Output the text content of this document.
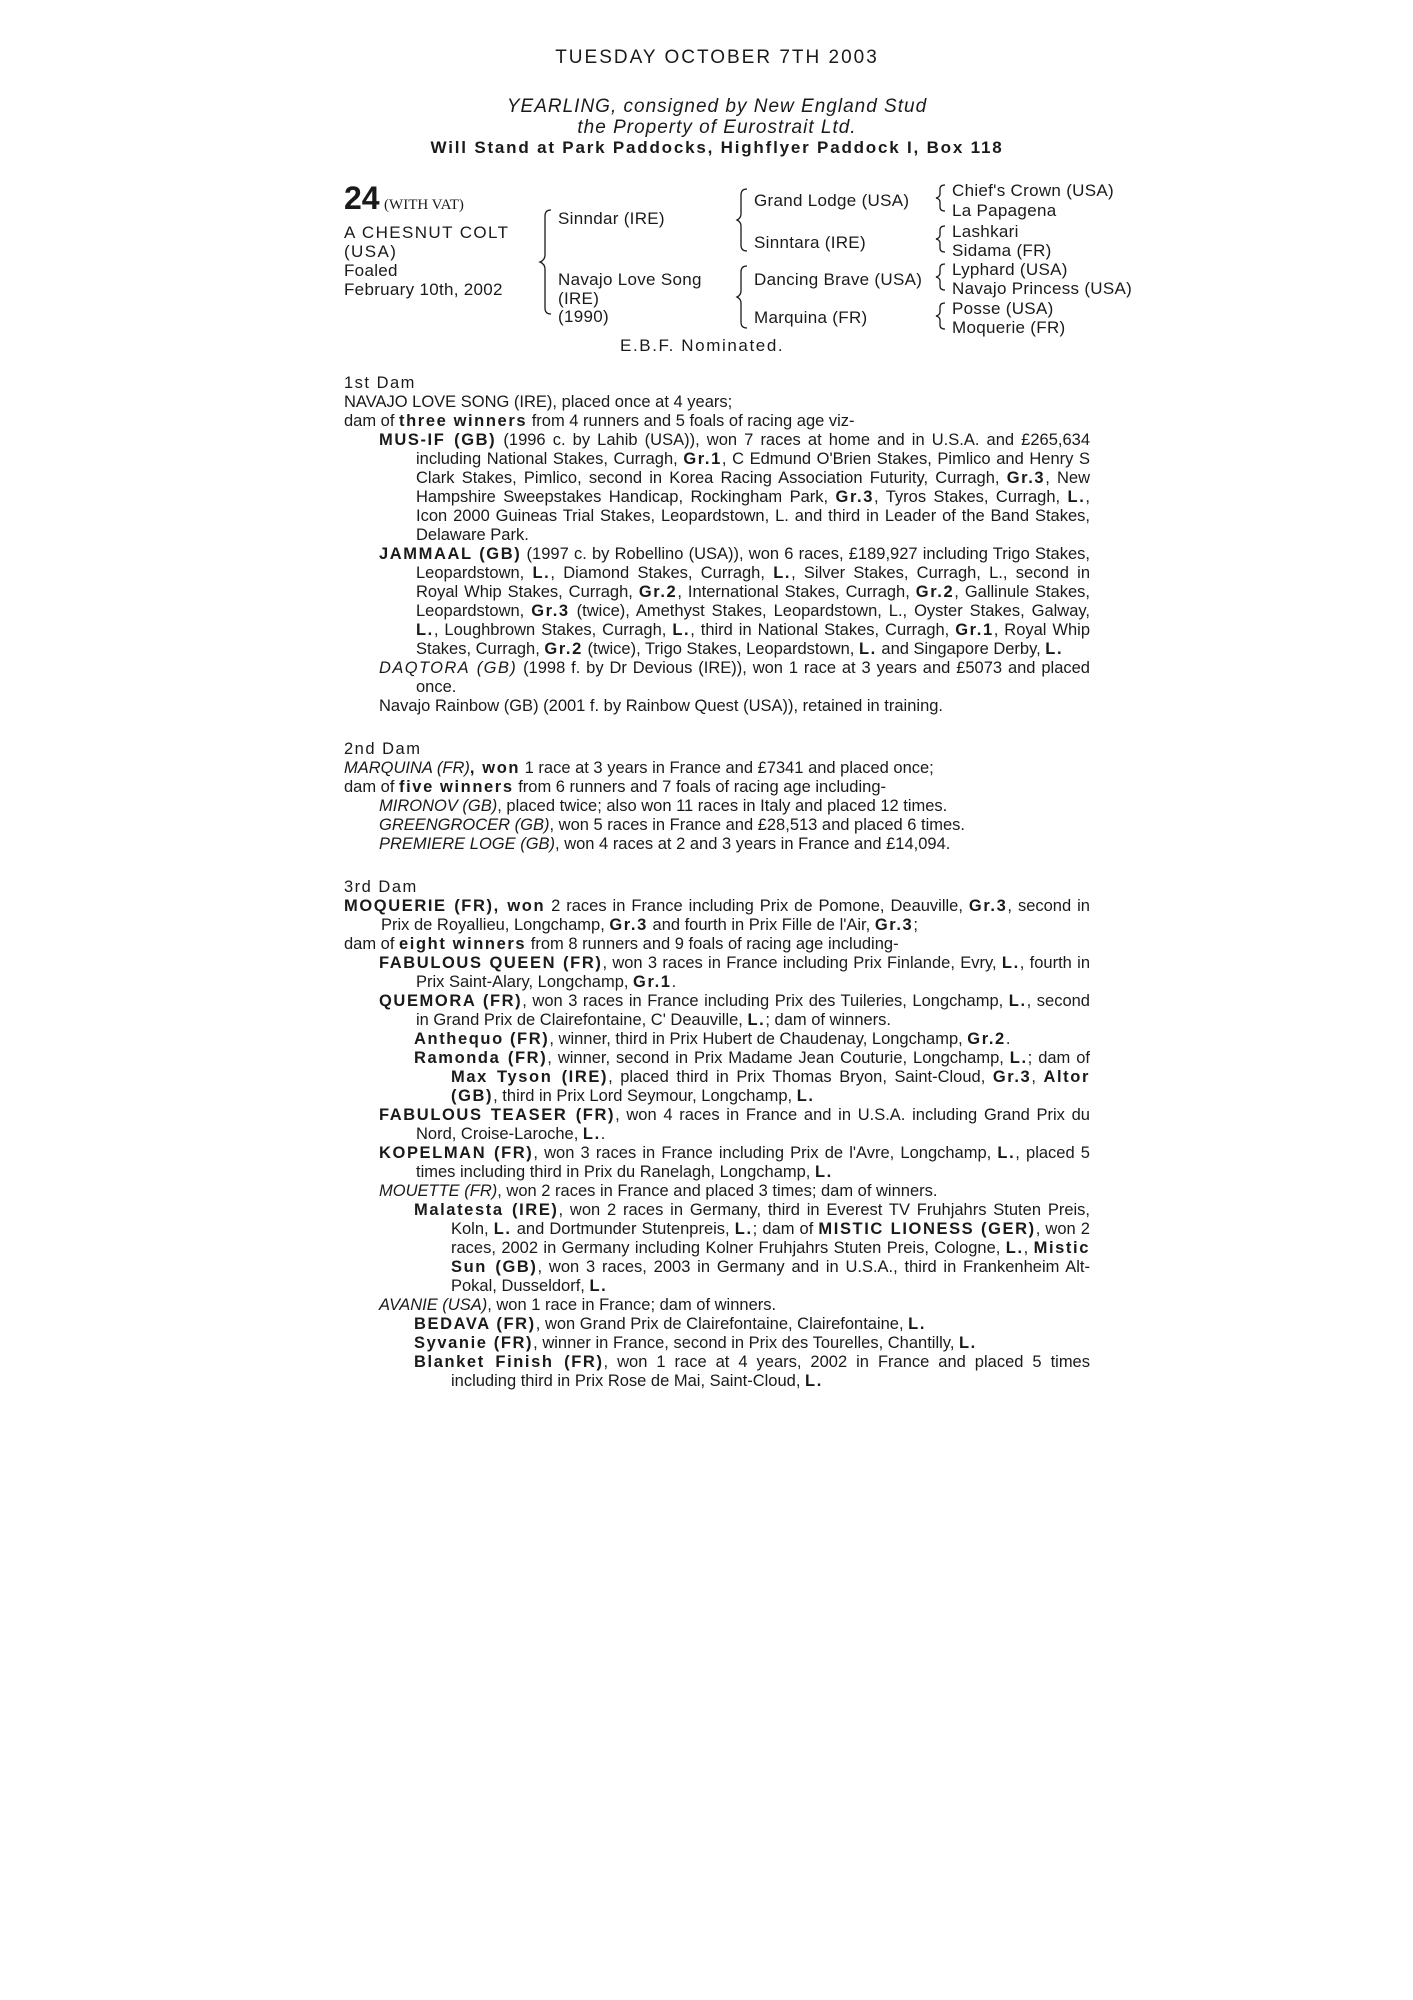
TUESDAY OCTOBER 7TH 2003
YEARLING, consigned by New England Stud
the Property of Eurostrait Ltd.
Will Stand at Park Paddocks, Highflyer Paddock I, Box 118
24 (WITH VAT)
A CHESNUT COLT
(USA)
Foaled
February 10th, 2002
Sinndar (IRE)
Navajo Love Song
(IRE)
(1990)
Grand Lodge (USA)
Sinntara (IRE)
Dancing Brave (USA)
Marquina (FR)
Chief's Crown (USA)
La Papagena
Lashkari
Sidama (FR)
Lyphard (USA)
Navajo Princess (USA)
Posse (USA)
Moquerie (FR)
E.B.F. Nominated.

1st Dam

NAVAJO LOVE SONG (IRE), placed once at 4 years;

dam of three winners from 4 runners and 5 foals of racing age viz-

MUS-IF (GB) (1996 c. by Lahib (USA)), won 7 races at home and in U.S.A. and £265,634 including National Stakes, Curragh, Gr.1, C Edmund O'Brien Stakes, Pimlico and Henry S Clark Stakes, Pimlico, second in Korea Racing Association Futurity, Curragh, Gr.3, New Hampshire Sweepstakes Handicap, Rockingham Park, Gr.3, Tyros Stakes, Curragh, L., Icon 2000 Guineas Trial Stakes, Leopardstown, L. and third in Leader of the Band Stakes, Delaware Park.

JAMMAAL (GB) (1997 c. by Robellino (USA)), won 6 races, £189,927 including Trigo Stakes, Leopardstown, L., Diamond Stakes, Curragh, L., Silver Stakes, Curragh, L., second in Royal Whip Stakes, Curragh, Gr.2, International Stakes, Curragh, Gr.2, Gallinule Stakes, Leopardstown, Gr.3 (twice), Amethyst Stakes, Leopardstown, L., Oyster Stakes, Galway, L., Loughbrown Stakes, Curragh, L., third in National Stakes, Curragh, Gr.1, Royal Whip Stakes, Curragh, Gr.2 (twice), Trigo Stakes, Leopardstown, L. and Singapore Derby, L.

DAQTORA (GB) (1998 f. by Dr Devious (IRE)), won 1 race at 3 years and £5073 and placed once.

Navajo Rainbow (GB) (2001 f. by Rainbow Quest (USA)), retained in training.

2nd Dam

MARQUINA (FR), won 1 race at 3 years in France and £7341 and placed once;

dam of five winners from 6 runners and 7 foals of racing age including-

MIRONOV (GB), placed twice; also won 11 races in Italy and placed 12 times.

GREENGROCER (GB), won 5 races in France and £28,513 and placed 6 times.

PREMIERE LOGE (GB), won 4 races at 2 and 3 years in France and £14,094.

3rd Dam

MOQUERIE (FR), won 2 races in France including Prix de Pomone, Deauville, Gr.3, second in Prix de Royallieu, Longchamp, Gr.3 and fourth in Prix Fille de l'Air, Gr.3;

dam of eight winners from 8 runners and 9 foals of racing age including-

FABULOUS QUEEN (FR), won 3 races in France including Prix Finlande, Evry, L., fourth in Prix Saint-Alary, Longchamp, Gr.1.

QUEMORA (FR), won 3 races in France including Prix des Tuileries, Longchamp, L., second in Grand Prix de Clairefontaine, C' Deauville, L.; dam of winners.

Anthequo (FR), winner, third in Prix Hubert de Chaudenay, Longchamp, Gr.2.

Ramonda (FR), winner, second in Prix Madame Jean Couturie, Longchamp, L.; dam of Max Tyson (IRE), placed third in Prix Thomas Bryon, Saint-Cloud, Gr.3, Altor (GB), third in Prix Lord Seymour, Longchamp, L.

FABULOUS TEASER (FR), won 4 races in France and in U.S.A. including Grand Prix du Nord, Croise-Laroche, L..

KOPELMAN (FR), won 3 races in France including Prix de l'Avre, Longchamp, L., placed 5 times including third in Prix du Ranelagh, Longchamp, L.

MOUETTE (FR), won 2 races in France and placed 3 times; dam of winners.

Malatesta (IRE), won 2 races in Germany, third in Everest TV Fruhjahrs Stuten Preis, Koln, L. and Dortmunder Stutenpreis, L.; dam of MISTIC LIONESS (GER), won 2 races, 2002 in Germany including Kolner Fruhjahrs Stuten Preis, Cologne, L., Mistic Sun (GB), won 3 races, 2003 in Germany and in U.S.A., third in Frankenheim Alt-Pokal, Dusseldorf, L.

AVANIE (USA), won 1 race in France; dam of winners.

BEDAVA (FR), won Grand Prix de Clairefontaine, Clairefontaine, L.

Syvanie (FR), winner in France, second in Prix des Tourelles, Chantilly, L.

Blanket Finish (FR), won 1 race at 4 years, 2002 in France and placed 5 times including third in Prix Rose de Mai, Saint-Cloud, L.
